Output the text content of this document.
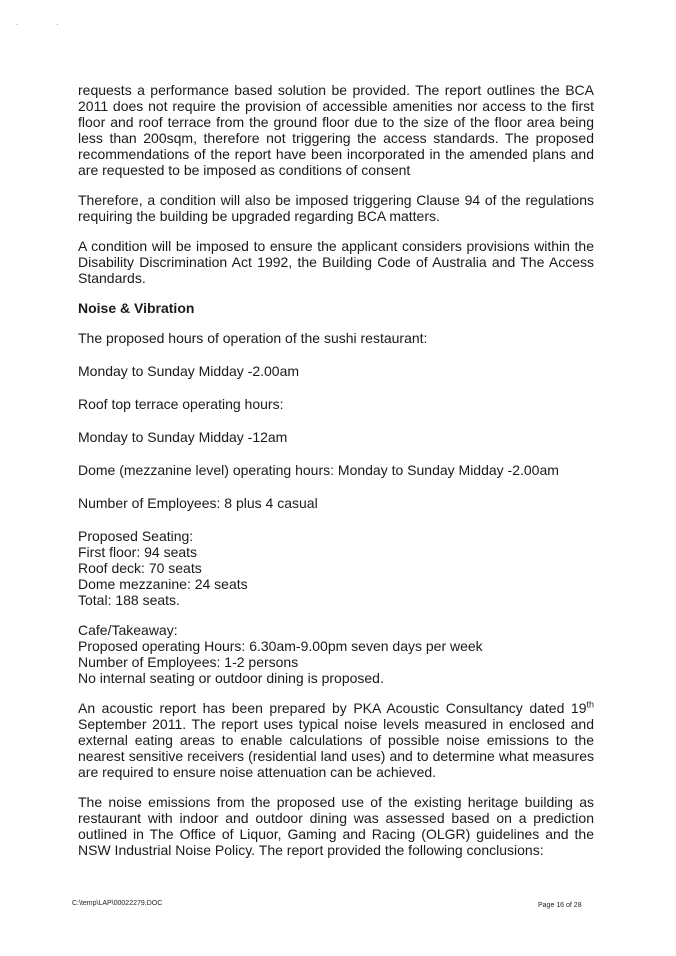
. .

requests a performance based solution be provided. The report outlines the BCA 2011 does not require the provision of accessible amenities nor access to the first floor and roof terrace from the ground floor due to the size of the floor area being less than 200sqm, therefore not triggering the access standards. The proposed recommendations of the report have been incorporated in the amended plans and are requested to be imposed as conditions of consent

Therefore, a condition will also be imposed triggering Clause 94 of the regulations requiring the building be upgraded regarding BCA matters.

A condition will be imposed to ensure the applicant considers provisions within the Disability Discrimination Act 1992, the Building Code of Australia and The Access Standards.

Noise & Vibration

The proposed hours of operation of the sushi restaurant:

Monday to Sunday Midday -2.00am

Roof top terrace operating hours:

Monday to Sunday Midday -12am

Dome (mezzanine level) operating hours: Monday to Sunday Midday -2.00am

Number of Employees: 8 plus 4 casual

Proposed Seating:
First floor: 94 seats
Roof deck: 70 seats
Dome mezzanine: 24 seats
Total: 188 seats.
Cafe/Takeaway:
Proposed operating Hours: 6.30am-9.00pm seven days per week
Number of Employees: 1-2 persons
No internal seating or outdoor dining is proposed.

An acoustic report has been prepared by PKA Acoustic Consultancy dated 19th September 2011. The report uses typical noise levels measured in enclosed and external eating areas to enable calculations of possible noise emissions to the nearest sensitive receivers (residential land uses) and to determine what measures are required to ensure noise attenuation can be achieved.

The noise emissions from the proposed use of the existing heritage building as restaurant with indoor and outdoor dining was assessed based on a prediction outlined in The Office of Liquor, Gaming and Racing (OLGR) guidelines and the NSW Industrial Noise Policy. The report provided the following conclusions:

C:\temp\LAP\00022279.DOC	Page 16 of 28
